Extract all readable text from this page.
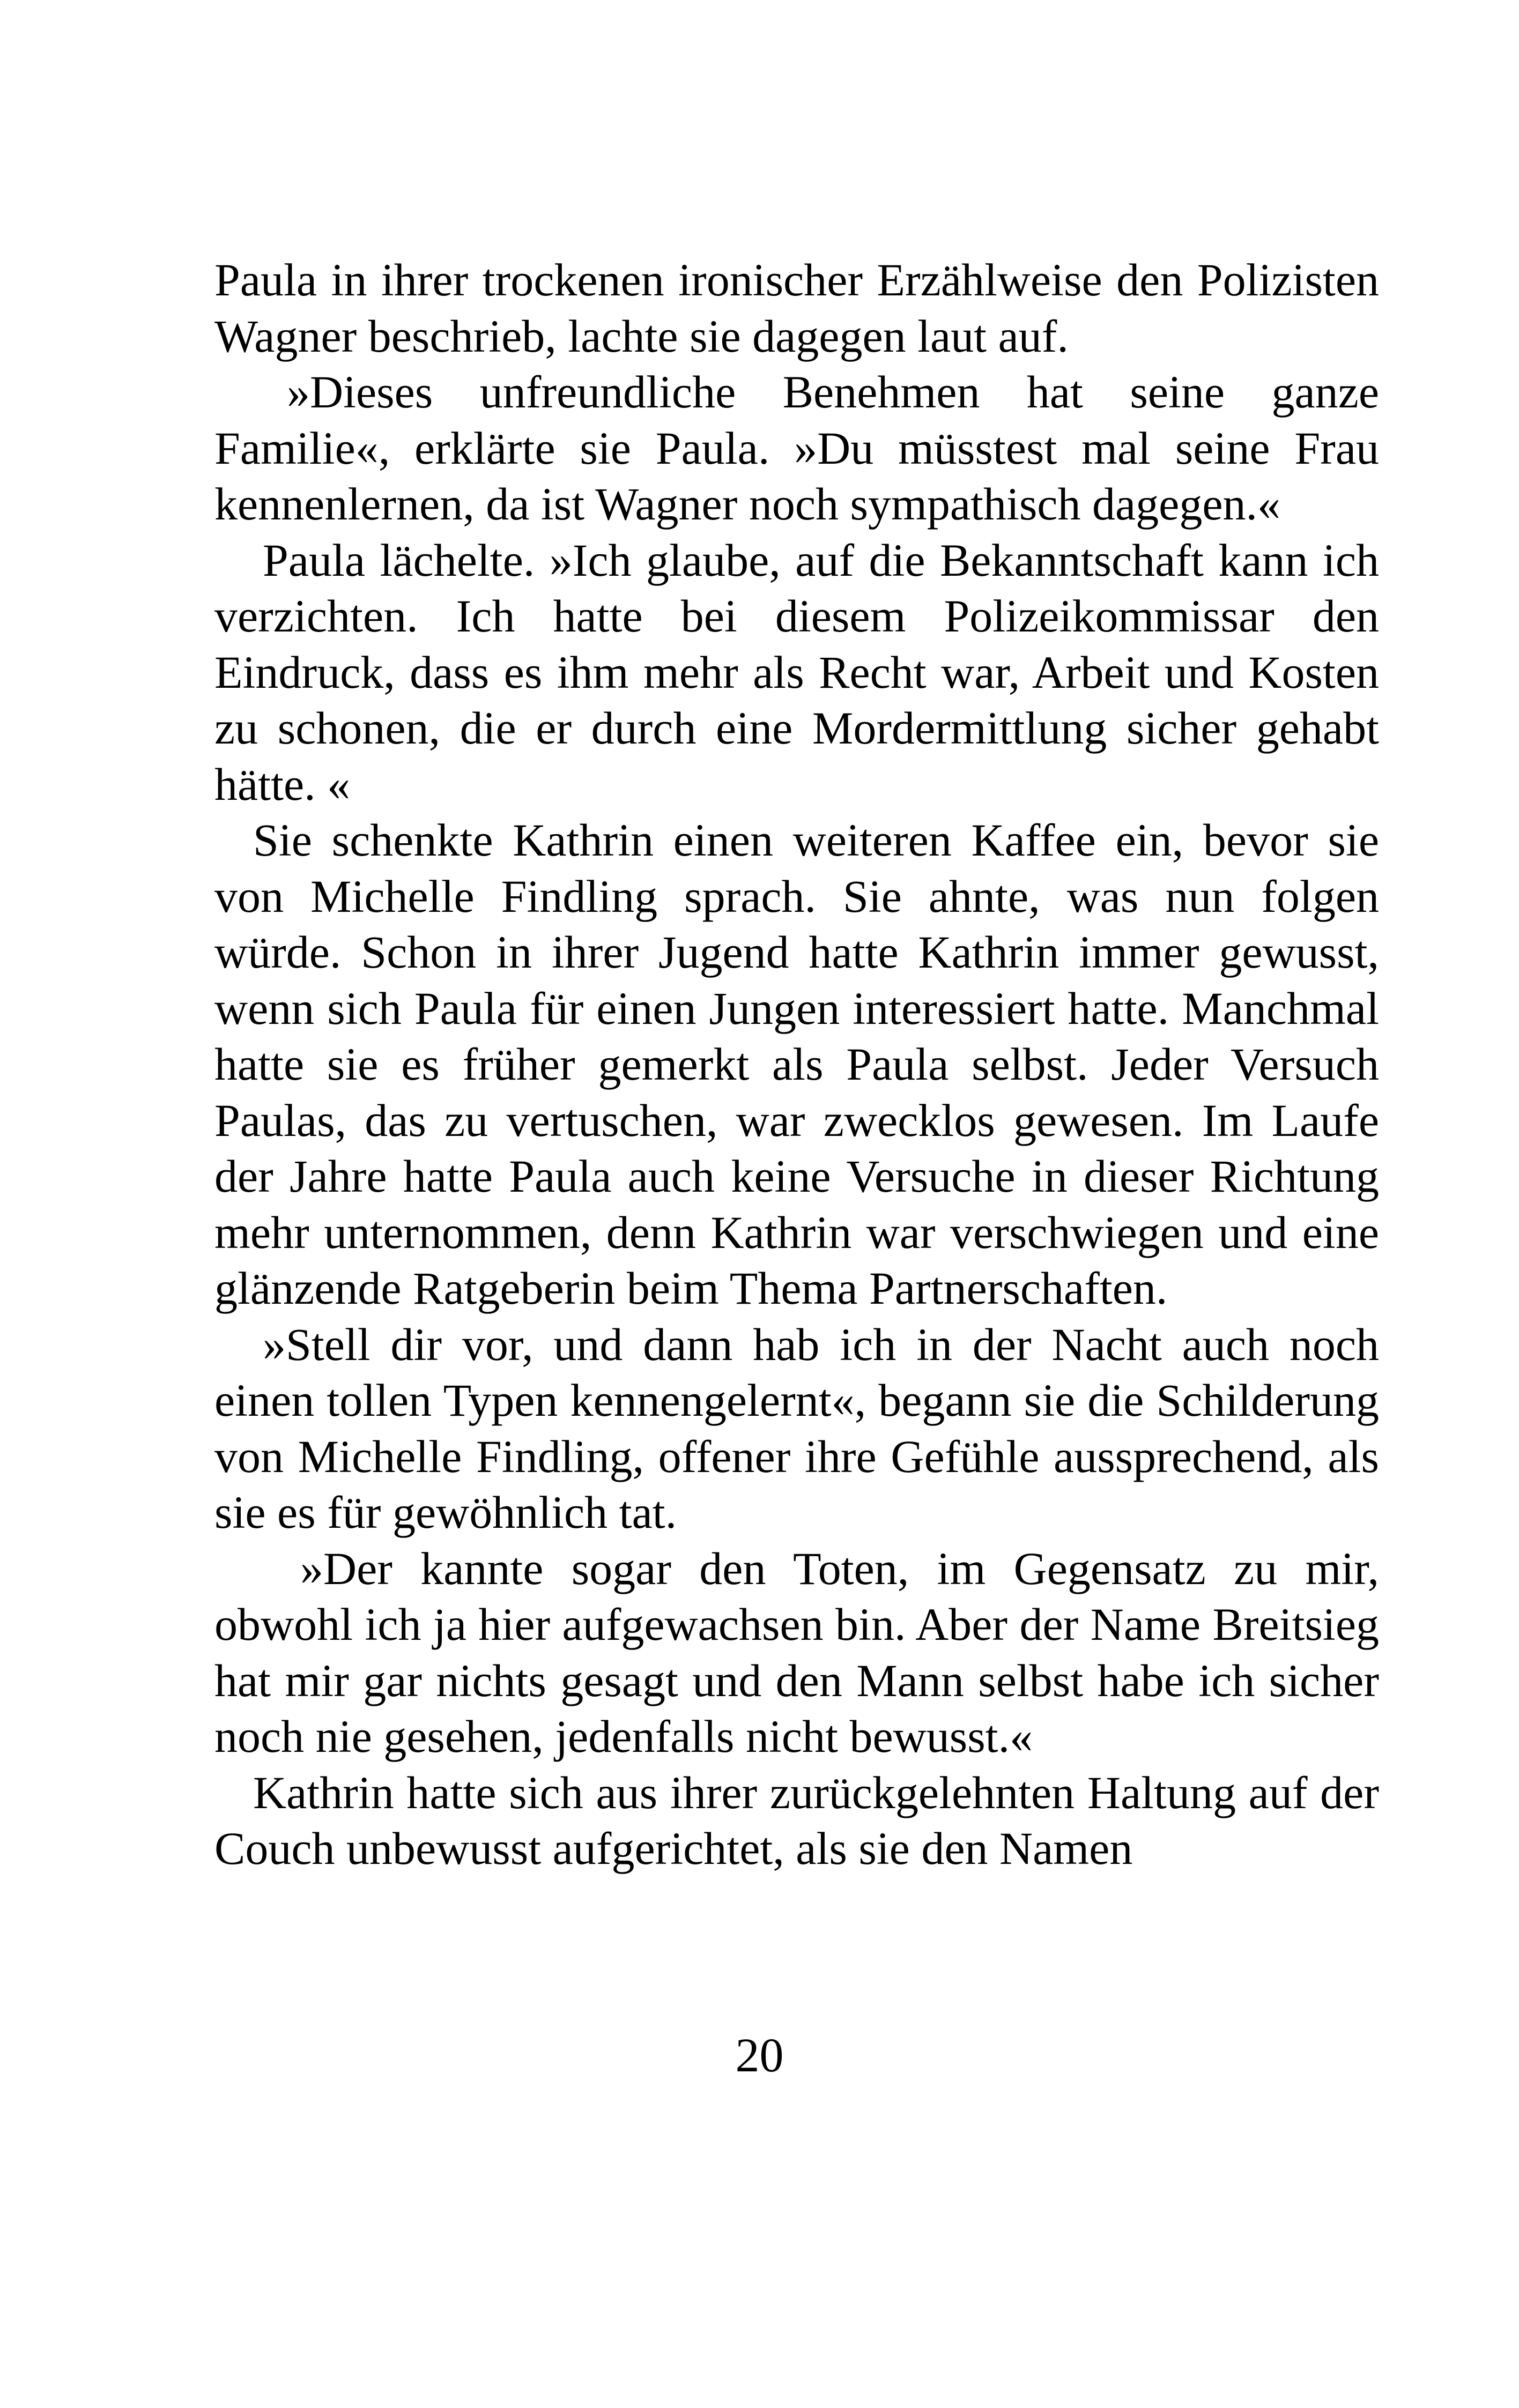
Paula in ihrer trockenen ironischer Erzählweise den Polizisten Wagner beschrieb, lachte sie dagegen laut auf.

»Dieses unfreundliche Benehmen hat seine ganze Familie«, erklärte sie Paula. »Du müsstest mal seine Frau kennenlernen, da ist Wagner noch sympathisch dagegen.«

Paula lächelte. »Ich glaube, auf die Bekanntschaft kann ich verzichten. Ich hatte bei diesem Polizeikommissar den Eindruck, dass es ihm mehr als Recht war, Arbeit und Kosten zu schonen, die er durch eine Mordermittlung sicher gehabt hätte. «

Sie schenkte Kathrin einen weiteren Kaffee ein, bevor sie von Michelle Findling sprach. Sie ahnte, was nun folgen würde. Schon in ihrer Jugend hatte Kathrin immer gewusst, wenn sich Paula für einen Jungen interessiert hatte. Manchmal hatte sie es früher gemerkt als Paula selbst. Jeder Versuch Paulas, das zu vertuschen, war zwecklos gewesen. Im Laufe der Jahre hatte Paula auch keine Versuche in dieser Richtung mehr unternommen, denn Kathrin war verschwiegen und eine glänzende Ratgeberin beim Thema Partnerschaften.

»Stell dir vor, und dann hab ich in der Nacht auch noch einen tollen Typen kennengelernt«, begann sie die Schilderung von Michelle Findling, offener ihre Gefühle aussprechend, als sie es für gewöhnlich tat.

»Der kannte sogar den Toten, im Gegensatz zu mir, obwohl ich ja hier aufgewachsen bin. Aber der Name Breitsieg hat mir gar nichts gesagt und den Mann selbst habe ich sicher noch nie gesehen, jedenfalls nicht bewusst.«

Kathrin hatte sich aus ihrer zurückgelehnten Haltung auf der Couch unbewusst aufgerichtet, als sie den Namen

20
